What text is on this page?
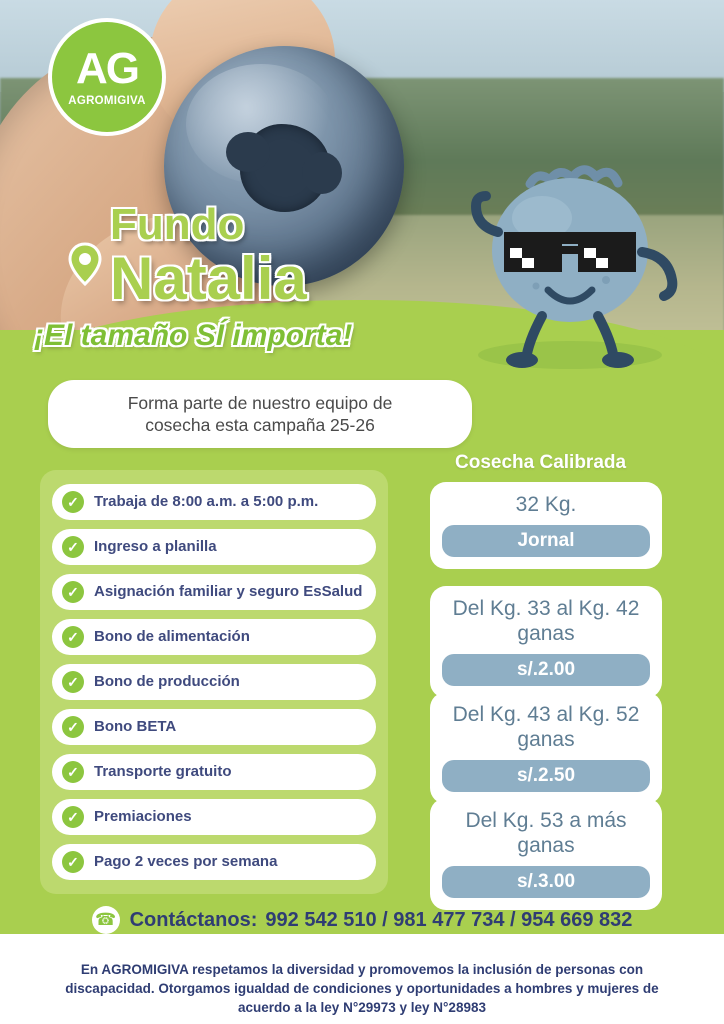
AG
AGROMIGIVA
Fundo
Natalia
¡El tamaño SÍ importa!
Forma parte de nuestro equipo de
cosecha esta campaña 25-26
✓	Trabaja de 8:00 a.m. a 5:00 p.m.
✓	Ingreso a planilla
✓	Asignación familiar y seguro EsSalud
✓	Bono de alimentación
✓	Bono de producción
✓	Bono BETA
✓	Transporte gratuito
✓	Premiaciones
✓	Pago 2 veces por semana
Cosecha Calibrada
32 Kg.
Jornal
Del Kg. 33 al Kg. 42 ganas
s/.2.00
Del Kg. 43 al Kg. 52 ganas
s/.2.50
Del Kg. 53 a más ganas
s/.3.00
☎ Contáctanos: 992 542 510 / 981 477 734 / 954 669 832

En AGROMIGIVA respetamos la diversidad y promovemos la inclusión de personas con discapacidad. Otorgamos igualdad de condiciones y oportunidades a hombres y mujeres de acuerdo a la ley N°29973 y ley N°28983
